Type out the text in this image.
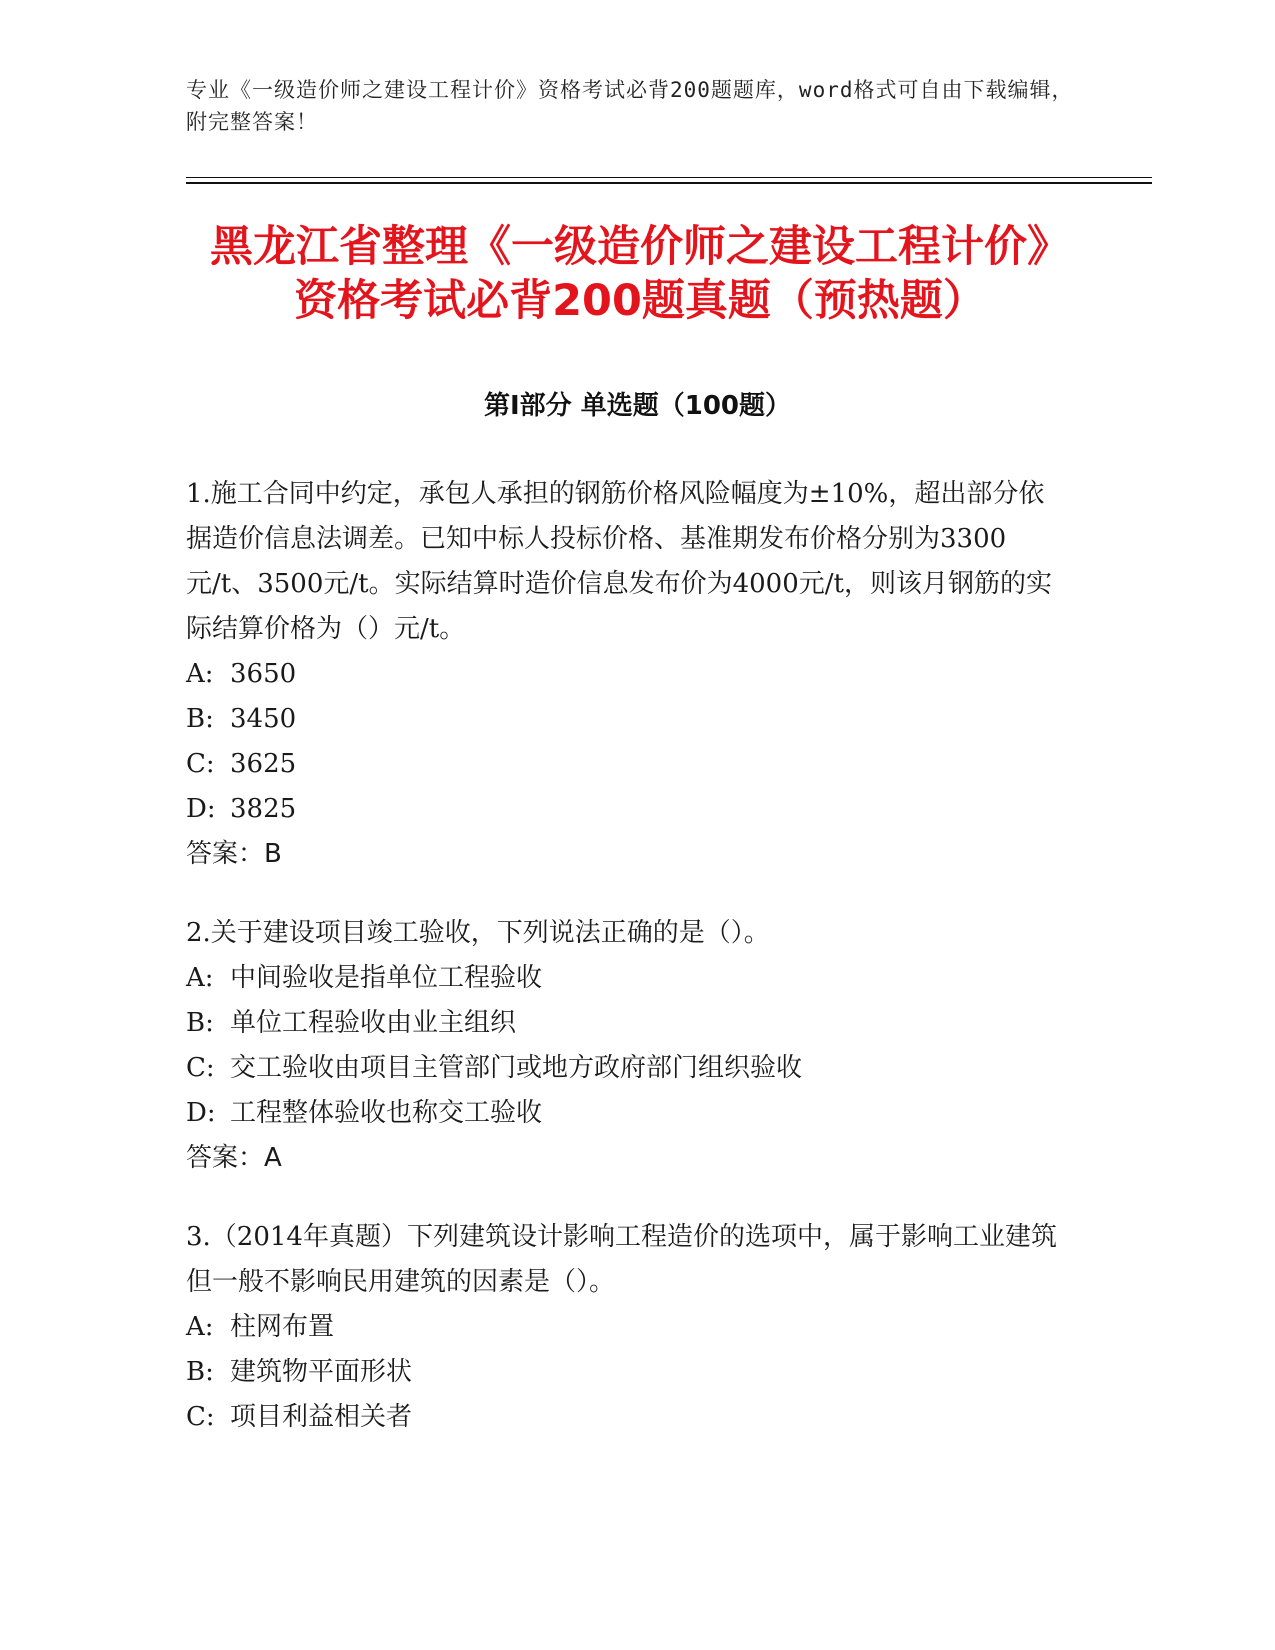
专业《一级造价师之建设工程计价》资格考试必背200题题库，word格式可自由下载编辑，附完整答案！
黑龙江省整理《一级造价师之建设工程计价》资格考试必背200题真题（预热题）
第I部分 单选题（100题）

1.施工合同中约定，承包人承担的钢筋价格风险幅度为±10%，超出部分依据造价信息法调差。已知中标人投标价格、基准期发布价格分别为3300元/t、3500元/t。实际结算时造价信息发布价为4000元/t，则该月钢筋的实际结算价格为（）元/t。

A: 3650
B: 3450
C: 3625
D: 3825

答案：B

2.关于建设项目竣工验收，下列说法正确的是（）。

A: 中间验收是指单位工程验收
B: 单位工程验收由业主组织
C: 交工验收由项目主管部门或地方政府部门组织验收
D: 工程整体验收也称交工验收

答案：A

3.（2014年真题）下列建筑设计影响工程造价的选项中，属于影响工业建筑但一般不影响民用建筑的因素是（）。

A: 柱网布置
B: 建筑物平面形状
C: 项目利益相关者
